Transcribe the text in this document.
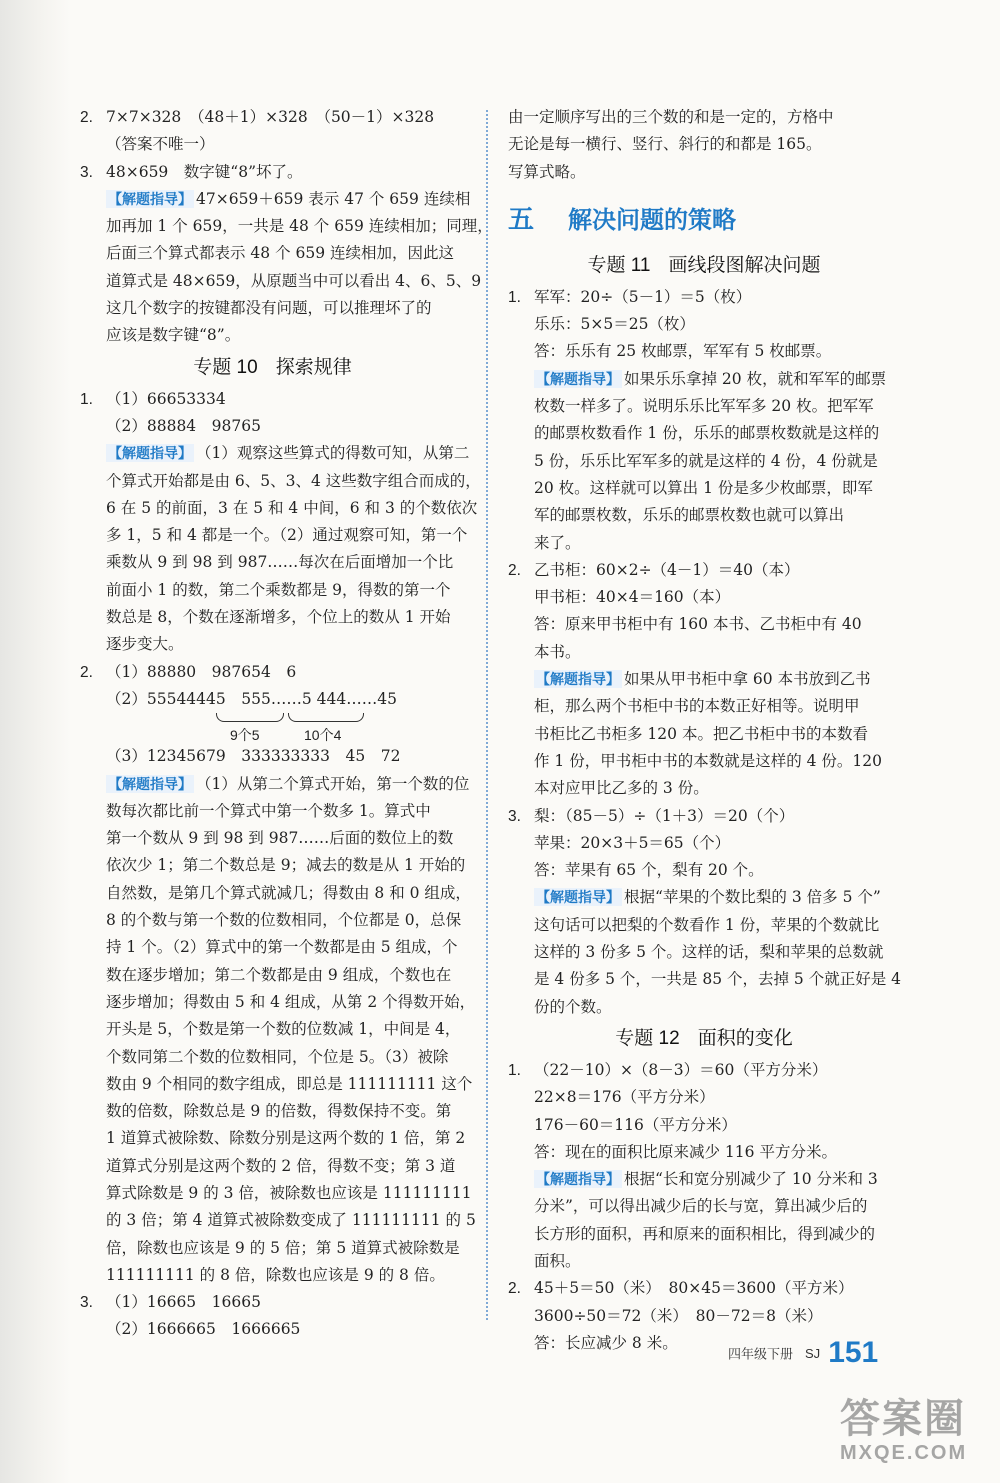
2. 7×7×328　（48＋1）×328　（50－1）×328
（答案不唯一）
3. 48×659　数字键“8”坏了。
【解题指导】 47×659＋659 表示 47 个 659 连续相
加再加 1 个 659，一共是 48 个 659 连续相加；同理，
后面三个算式都表示 48 个 659 连续相加，因此这
道算式是 48×659，从原题当中可以看出 4、6、5、9
这几个数字的按键都没有问题，可以推理坏了的
应该是数字键“8”。
专题 10 探索规律
1. （1）66653334
（2）88884　98765
【解题指导】 （1）观察这些算式的得数可知，从第二
个算式开始都是由 6、5、3、4 这些数字组合而成的，
6 在 5 的前面，3 在 5 和 4 中间，6 和 3 的个数依次
多 1，5 和 4 都是一个。（2）通过观察可知，第一个
乘数从 9 到 98 到 987……每次在后面增加一个比
前面小 1 的数，第二个乘数都是 9，得数的第一个
数总是 8，个数在逐渐增多，个位上的数从 1 开始
逐步变大。
2. （1）88880　987654　6
（2）55544445　 555……5 444……45
9个5	10个4
（3）12345679　333333333　45　72
【解题指导】 （1）从第二个算式开始，第一个数的位
数每次都比前一个算式中第一个数多 1。算式中
第一个数从 9 到 98 到 987……后面的数位上的数
依次少 1；第二个数总是 9；减去的数是从 1 开始的
自然数，是第几个算式就减几；得数由 8 和 0 组成，
8 的个数与第一个数的位数相同，个位都是 0，总保
持 1 个。（2）算式中的第一个数都是由 5 组成，个
数在逐步增加；第二个数都是由 9 组成，个数也在
逐步增加；得数由 5 和 4 组成，从第 2 个得数开始，
开头是 5，个数是第一个数的位数减 1，中间是 4，
个数同第二个数的位数相同，个位是 5。（3）被除
数由 9 个相同的数字组成，即总是 111111111 这个
数的倍数，除数总是 9 的倍数，得数保持不变。第
1 道算式被除数、除数分别是这两个数的 1 倍，第 2
道算式分别是这两个数的 2 倍，得数不变；第 3 道
算式除数是 9 的 3 倍，被除数也应该是 111111111
的 3 倍；第 4 道算式被除数变成了 111111111 的 5
倍，除数也应该是 9 的 5 倍；第 5 道算式被除数是
111111111 的 8 倍，除数也应该是 9 的 8 倍。
3. （1）16665　16665
（2）1666665　1666665
由一定顺序写出的三个数的和是一定的，方格中
无论是每一横行、竖行、斜行的和都是 165。
写算式略。
五 解决问题的策略
专题 11 画线段图解决问题
1. 军军：20÷（5－1）＝5（枚）
乐乐：5×5＝25（枚）
答：乐乐有 25 枚邮票，军军有 5 枚邮票。
【解题指导】 如果乐乐拿掉 20 枚，就和军军的邮票
枚数一样多了。说明乐乐比军军多 20 枚。把军军
的邮票枚数看作 1 份，乐乐的邮票枚数就是这样的
5 份，乐乐比军军多的就是这样的 4 份，4 份就是
20 枚。这样就可以算出 1 份是多少枚邮票，即军
军的邮票枚数，乐乐的邮票枚数也就可以算出
来了。
2. 乙书柜：60×2÷（4－1）＝40（本）
甲书柜：40×4＝160（本）
答：原来甲书柜中有 160 本书、乙书柜中有 40
本书。
【解题指导】 如果从甲书柜中拿 60 本书放到乙书
柜，那么两个书柜中书的本数正好相等。说明甲
书柜比乙书柜多 120 本。把乙书柜中书的本数看
作 1 份，甲书柜中书的本数就是这样的 4 份。120
本对应甲比乙多的 3 份。
3. 梨：（85－5）÷（1＋3）＝20（个）
苹果：20×3＋5＝65（个）
答：苹果有 65 个，梨有 20 个。
【解题指导】 根据“苹果的个数比梨的 3 倍多 5 个”
这句话可以把梨的个数看作 1 份，苹果的个数就比
这样的 3 份多 5 个。这样的话，梨和苹果的总数就
是 4 份多 5 个，一共是 85 个，去掉 5 个就正好是 4
份的个数。
专题 12 面积的变化
1. （22－10）×（8－3）＝60（平方分米）
22×8＝176（平方分米）
176－60＝116（平方分米）
答：现在的面积比原来减少 116 平方分米。
【解题指导】 根据“长和宽分别减少了 10 分米和 3
分米”，可以得出减少后的长与宽，算出减少后的
长方形的面积，再和原来的面积相比，得到减少的
面积。
2. 45＋5＝50（米）　80×45＝3600（平方米）
3600÷50＝72（米）　80－72＝8（米）
答：长应减少 8 米。
四年级下册 SJ 151
答案圈
MXQE.COM
